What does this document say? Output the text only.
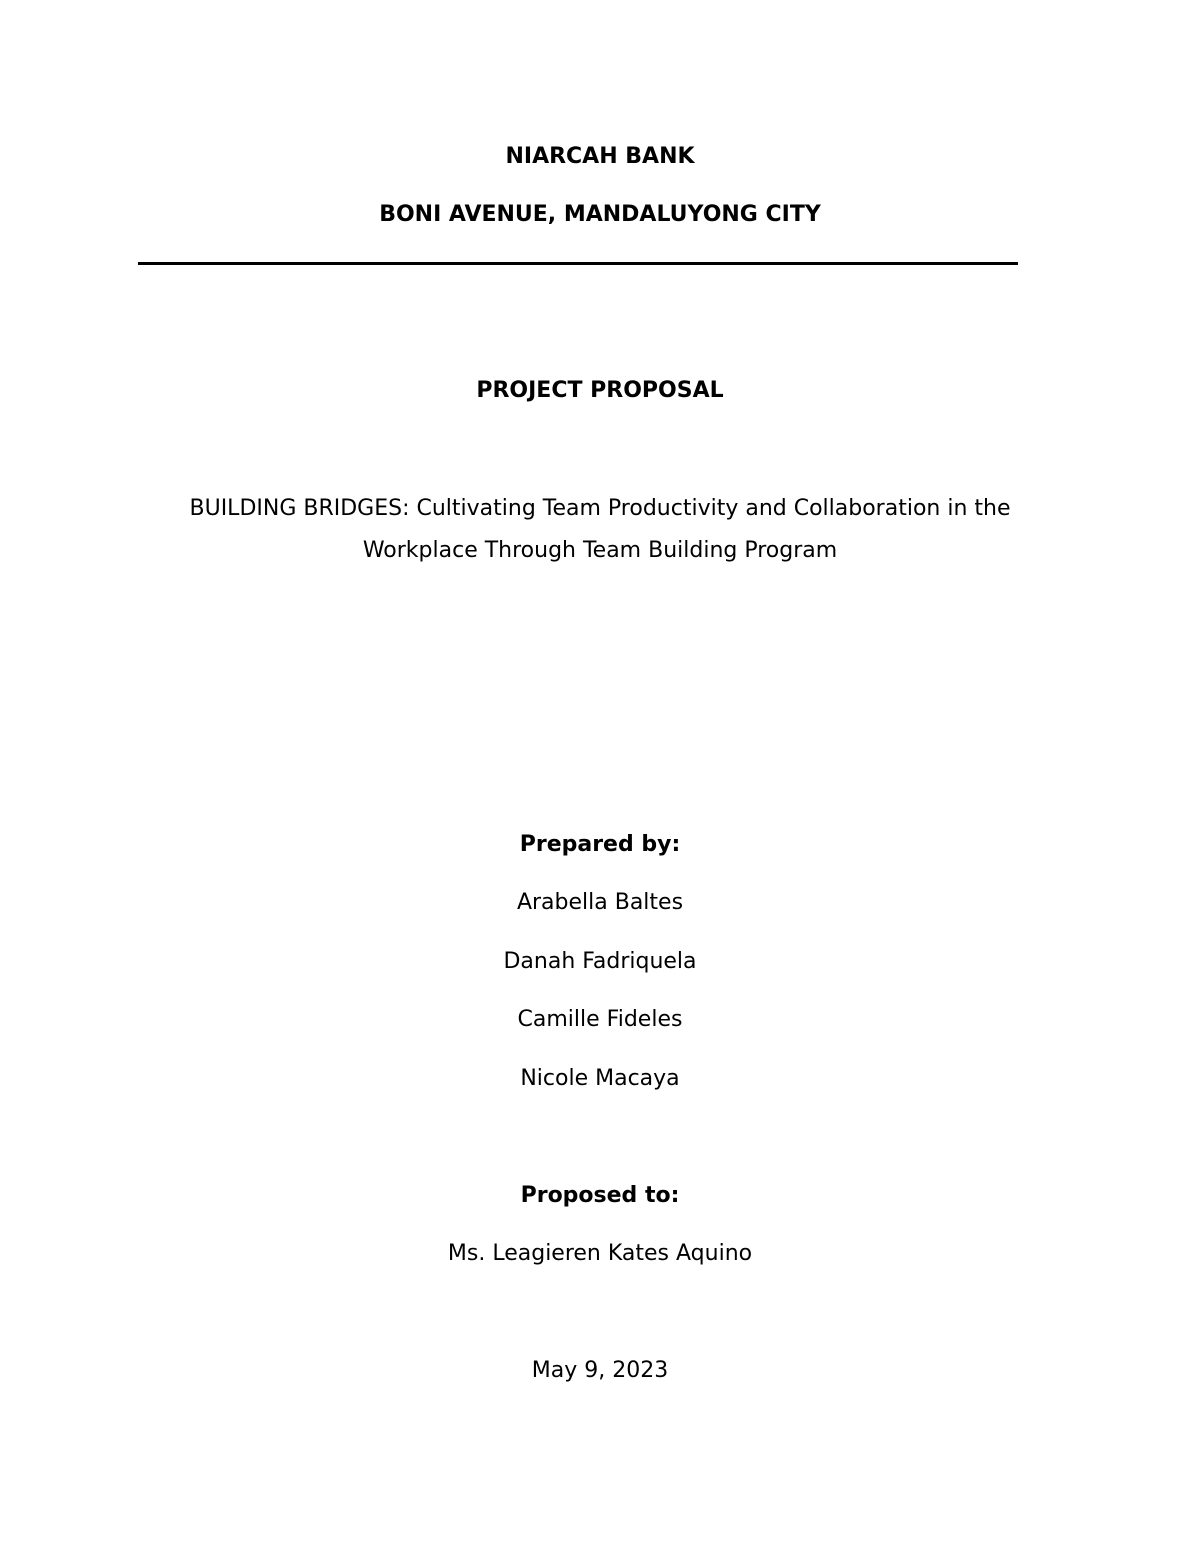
NIARCAH BANK
BONI AVENUE, MANDALUYONG CITY
PROJECT PROPOSAL
BUILDING BRIDGES: Cultivating Team Productivity and Collaboration in the
Workplace Through Team Building Program
Prepared by:
Arabella Baltes
Danah Fadriquela
Camille Fideles
Nicole Macaya
Proposed to:
Ms. Leagieren Kates Aquino
May 9, 2023
